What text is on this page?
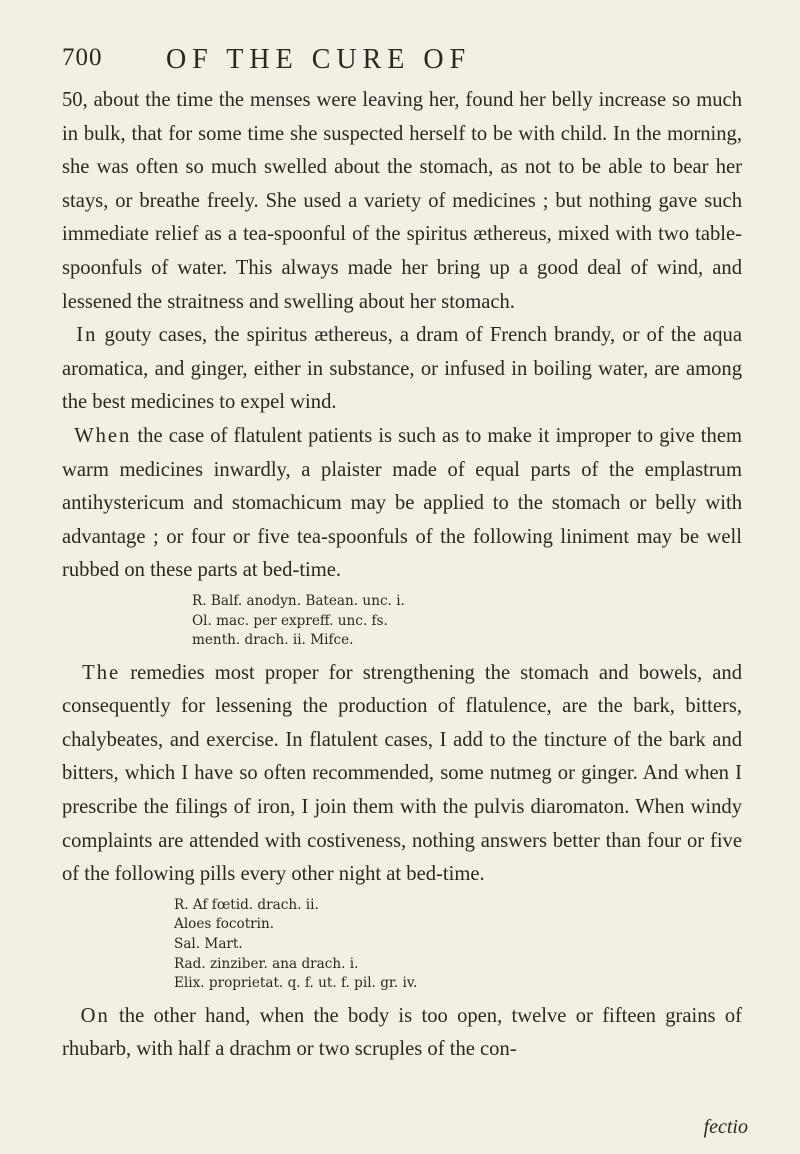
700 OF THE CURE OF

50, about the time the menses were leaving her, found her belly increase so much in bulk, that for some time she suspected herself to be with child. In the morning, she was often so much swelled about the stomach, as not to be able to bear her stays, or breathe freely. She used a variety of medicines ; but nothing gave such immediate relief as a tea-spoonful of the spiritus æthereus, mixed with two table-spoonfuls of water. This always made her bring up a good deal of wind, and lessened the straitness and swelling about her stomach.

In gouty cases, the spiritus æthereus, a dram of French brandy, or of the aqua aromatica, and ginger, either in substance, or infused in boiling water, are among the best medicines to expel wind.

When the case of flatulent patients is such as to make it improper to give them warm medicines inwardly, a plaister made of equal parts of the emplastrum antihystericum and stomachicum may be applied to the stomach or belly with advantage ; or four or five tea-spoonfuls of the following liniment may be well rubbed on these parts at bed-time.

R. Balf. anodyn. Batean. unc. i.
Ol. mac. per expreff. unc. fs.
menth. drach. ii. Mifce.

The remedies most proper for strengthening the stomach and bowels, and consequently for lessening the production of flatulence, are the bark, bitters, chalybeates, and exercise. In flatulent cases, I add to the tincture of the bark and bitters, which I have so often recommended, some nutmeg or ginger. And when I prescribe the filings of iron, I join them with the pulvis diaromaton. When windy complaints are attended with costiveness, nothing answers better than four or five of the following pills every other night at bed-time.

R. Af fœtid. drach. ii.
Aloes focotrin.
Sal. Mart.
Rad. zinziber. ana drach. i.
Elix. proprietat. q. f. ut. f. pil. gr. iv.

On the other hand, when the body is too open, twelve or fifteen grains of rhubarb, with half a drachm or two scruples of the con-

fectio
